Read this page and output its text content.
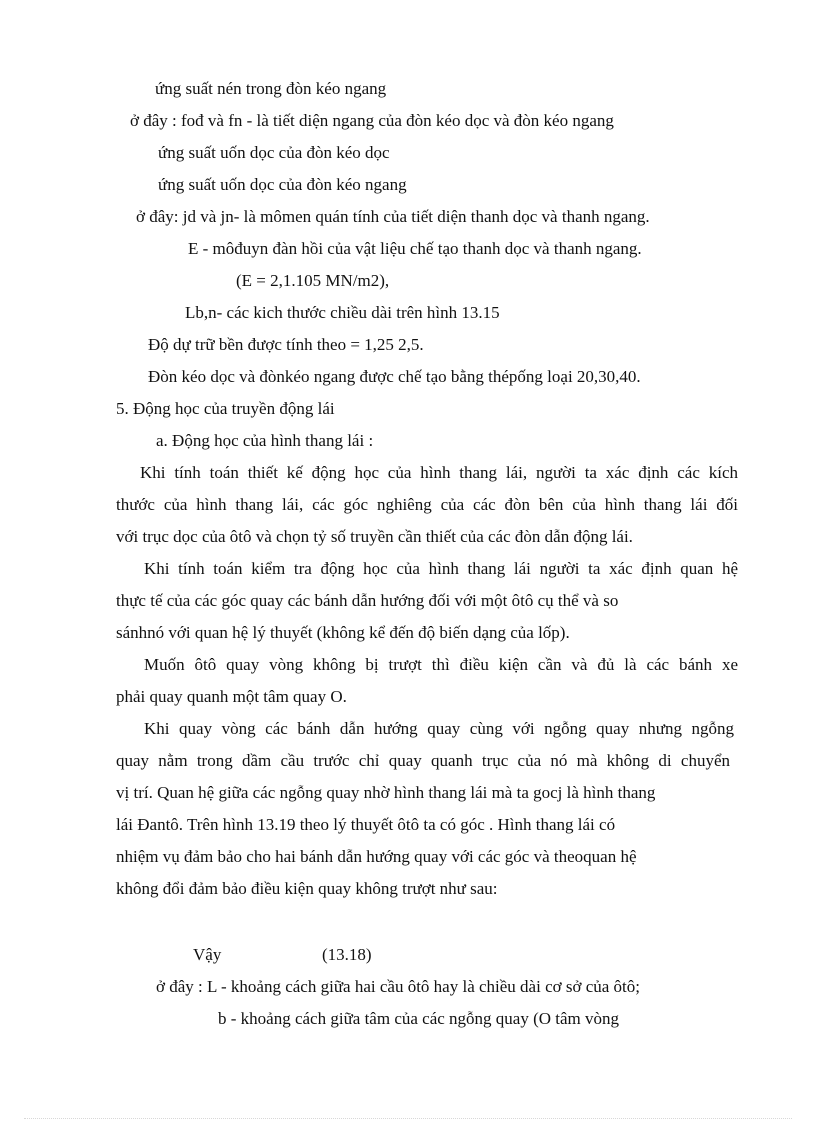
ứng suất nén trong đòn kéo ngang
ở đây : fođ và fn - là tiết diện ngang của đòn kéo dọc và đòn kéo ngang
ứng suất uốn dọc của đòn kéo dọc
ứng suất uốn dọc của đòn kéo ngang
ở đây: jd và jn- là mômen quán tính của tiết diện thanh dọc và thanh ngang.
E - môđuyn đàn hồi của vật liệu chế tạo thanh dọc và thanh ngang.
(E = 2,1.105 MN/m2),
Lb,n- các kich thước chiều dài trên hình 13.15
Độ dự trữ bền được tính theo = 1,25 2,5.
Đòn kéo dọc và đònkéo ngang được chế tạo bằng thépống loại 20,30,40.
5. Động học của truyền động lái
a. Động học của hình thang lái :
Khi tính toán thiết kế động học của hình thang lái, người ta xác định các kích
thước của hình thang lái, các góc nghiêng của các đòn bên của hình thang lái đối
với trục dọc của ôtô và chọn tỷ số truyền cần thiết của các đòn dẫn động lái.
Khi tính toán kiểm tra động học của hình thang lái người ta xác định quan hệ
thực tế của các góc quay các bánh dẫn hướng đối với một ôtô cụ thể và so
sánhnó với quan hệ lý thuyết (không kể đến độ biến dạng của lốp).
Muốn ôtô quay vòng không bị trượt thì điều kiện cần và đủ là các bánh xe
phải quay quanh một tâm quay O.
Khi quay vòng các bánh dẫn hướng quay cùng với ngỗng quay nhưng ngỗng
quay nằm trong dầm cầu trước chỉ quay quanh trục của nó mà không di chuyển
vị trí. Quan hệ giữa các ngỗng quay nhờ hình thang lái mà ta gocj là hình thang
lái Đantô. Trên hình 13.19 theo lý thuyết ôtô ta có góc . Hình thang lái có
nhiệm vụ đảm bảo cho hai bánh dẫn hướng quay với các góc và theoquan hệ
không đổi đảm bảo điều kiện quay không trượt như sau:
Vậy	(13.18)
ở đây : L - khoảng cách giữa hai cầu ôtô hay là chiều dài cơ sở của ôtô;
b - khoảng cách giữa tâm của các ngỗng quay (O tâm vòng
